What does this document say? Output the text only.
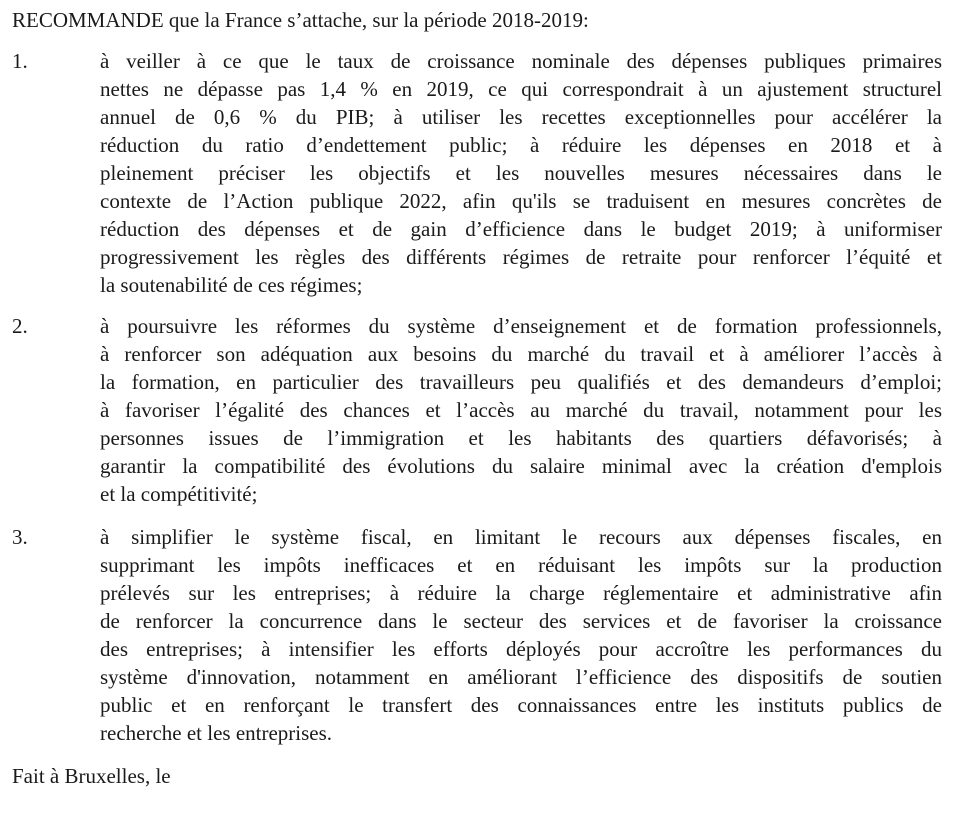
RECOMMANDE que la France s’attache, sur la période 2018-2019:
1.	à veiller à ce que le taux de croissance nominale des dépenses publiques primaires
nettes ne dépasse pas 1,4 % en 2019, ce qui correspondrait à un ajustement structurel
annuel de 0,6 % du PIB; à utiliser les recettes exceptionnelles pour accélérer la
réduction du ratio d’endettement public; à réduire les dépenses en 2018 et à
pleinement préciser les objectifs et les nouvelles mesures nécessaires dans le
contexte de l’Action publique 2022, afin qu'ils se traduisent en mesures concrètes de
réduction des dépenses et de gain d’efficience dans le budget 2019; à uniformiser
progressivement les règles des différents régimes de retraite pour renforcer l’équité et
la soutenabilité de ces régimes;
2.	à poursuivre les réformes du système d’enseignement et de formation professionnels,
à renforcer son adéquation aux besoins du marché du travail et à améliorer l’accès à
la formation, en particulier des travailleurs peu qualifiés et des demandeurs d’emploi;
à favoriser l’égalité des chances et l’accès au marché du travail, notamment pour les
personnes issues de l’immigration et les habitants des quartiers défavorisés; à
garantir la compatibilité des évolutions du salaire minimal avec la création d'emplois
et la compétitivité;
3.	à simplifier le système fiscal, en limitant le recours aux dépenses fiscales, en
supprimant les impôts inefficaces et en réduisant les impôts sur la production
prélevés sur les entreprises; à réduire la charge réglementaire et administrative afin
de renforcer la concurrence dans le secteur des services et de favoriser la croissance
des entreprises; à intensifier les efforts déployés pour accroître les performances du
système d'innovation, notamment en améliorant l’efficience des dispositifs de soutien
public et en renforçant le transfert des connaissances entre les instituts publics de
recherche et les entreprises.
Fait à Bruxelles, le
